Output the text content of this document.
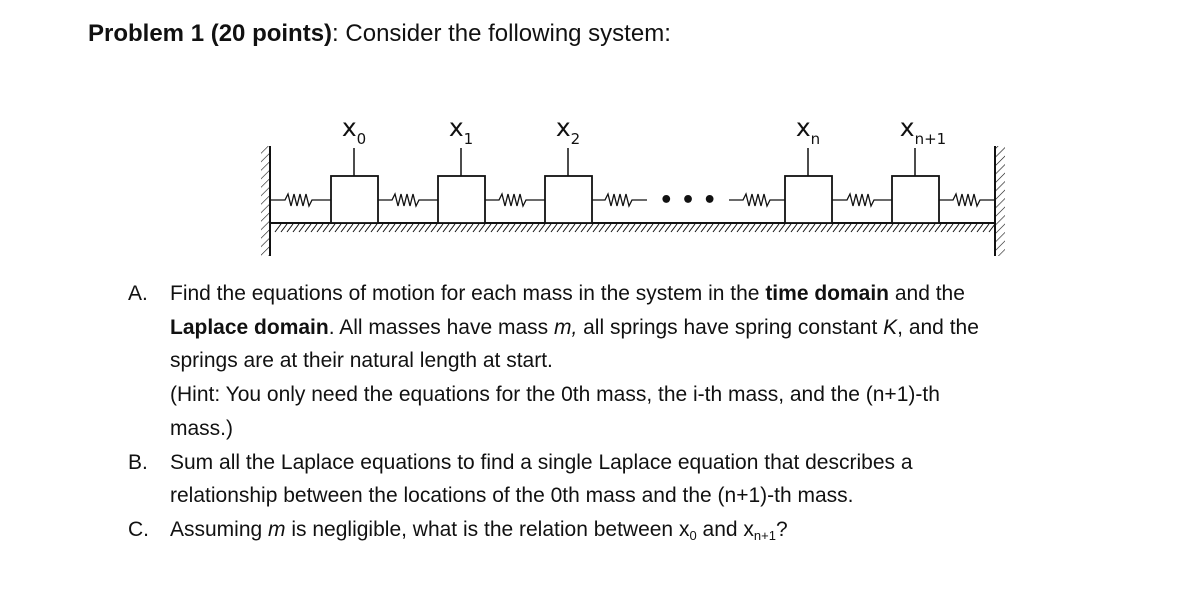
Problem 1 (20 points): Consider the following system:
• • •
x0	x1	x2	xn	xn+1
A. Find the equations of motion for each mass in the system in the time domain and the
Laplace domain. All masses have mass m, all springs have spring constant K, and the
springs are at their natural length at start.
(Hint: You only need the equations for the 0th mass, the i-th mass, and the (n+1)-th
mass.)
B. Sum all the Laplace equations to find a single Laplace equation that describes a
relationship between the locations of the 0th mass and the (n+1)-th mass.
C. Assuming m is negligible, what is the relation between $x_0$ and $x_{n+1}$?
